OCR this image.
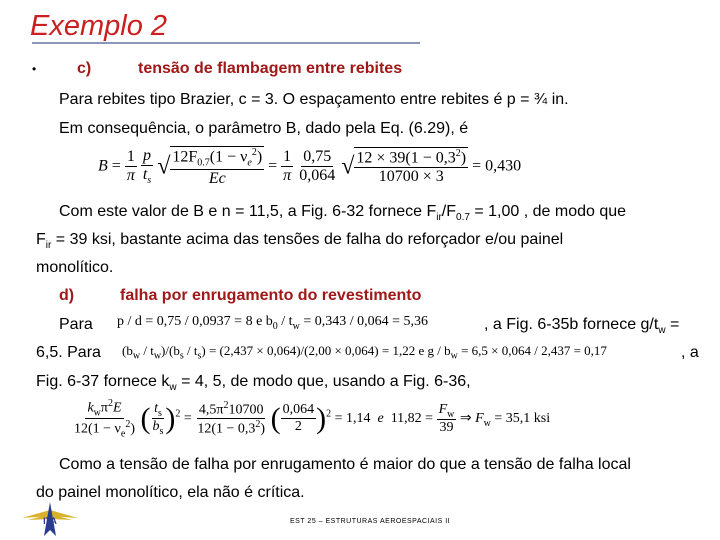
Exemplo 2
•	c)	tensão de flambagem entre rebites
Para rebites tipo Brazier, c = 3. O espaçamento entre rebites é p = ¾ in.
Em consequência, o parâmetro B, dado pela Eq. (6.29), é
$B = \frac{1}{\pi}$
$\frac{p}{t_s}$ √ $\frac{12F_{0.7}(1 - \nu_e^2)}{Ec} = \frac{1}{\pi}$
$\frac{0,75}{0,064}$ √ $\frac{12 \times 39(1 - 0,3^2)}{10700 \times 3} = 0,430$
Com este valor de B e n = 11,5, a Fig. 6-32 fornece $F_{ir}/F_{0.7} = 1,00$ , de modo que
$F_{ir} = 39$ ksi, bastante acima das tensões de falha do reforçador e/ou painel
monolítico.
d)	falha por enrugamento do revestimento
Para p / d = 0,75 / 0,0937 = 8 e $b_0 / t_w = 0,343 / 0,064 = 5,36$	, a Fig. 6-35b fornece $g/t_w$ =
6,5. Para $(b_w / t_w)/(b_s / t_s) = (2,437 \times 0,064)/(2,00 \times 0,064) = 1,22$ e $g / b_w = 6,5 \times 0,064 / 2,437 = 0,17$	, a
Fig. 6-37 fornece $k_w = 4$, 5, de modo que, usando a Fig. 6-36,
$\frac{k_w\pi^2E}{12(1 - \nu_e^2)}$ ( $\frac{t_s}{b_s} )^2 = \frac{4,5\pi^210700}{12(1 - 0,3^2)}$ ( $\frac{0,064}{2} )^2 = 1,14$ e $11,82 = \frac{F_w}{39}$ ⇒ $F_w = 35,1$ ksi
Como a tensão de falha por enrugamento é maior do que a tensão de falha local
do painel monolítico, ela não é crítica.
ITA	EST 25 – ESTRUTURAS AEROESPACIAIS II
